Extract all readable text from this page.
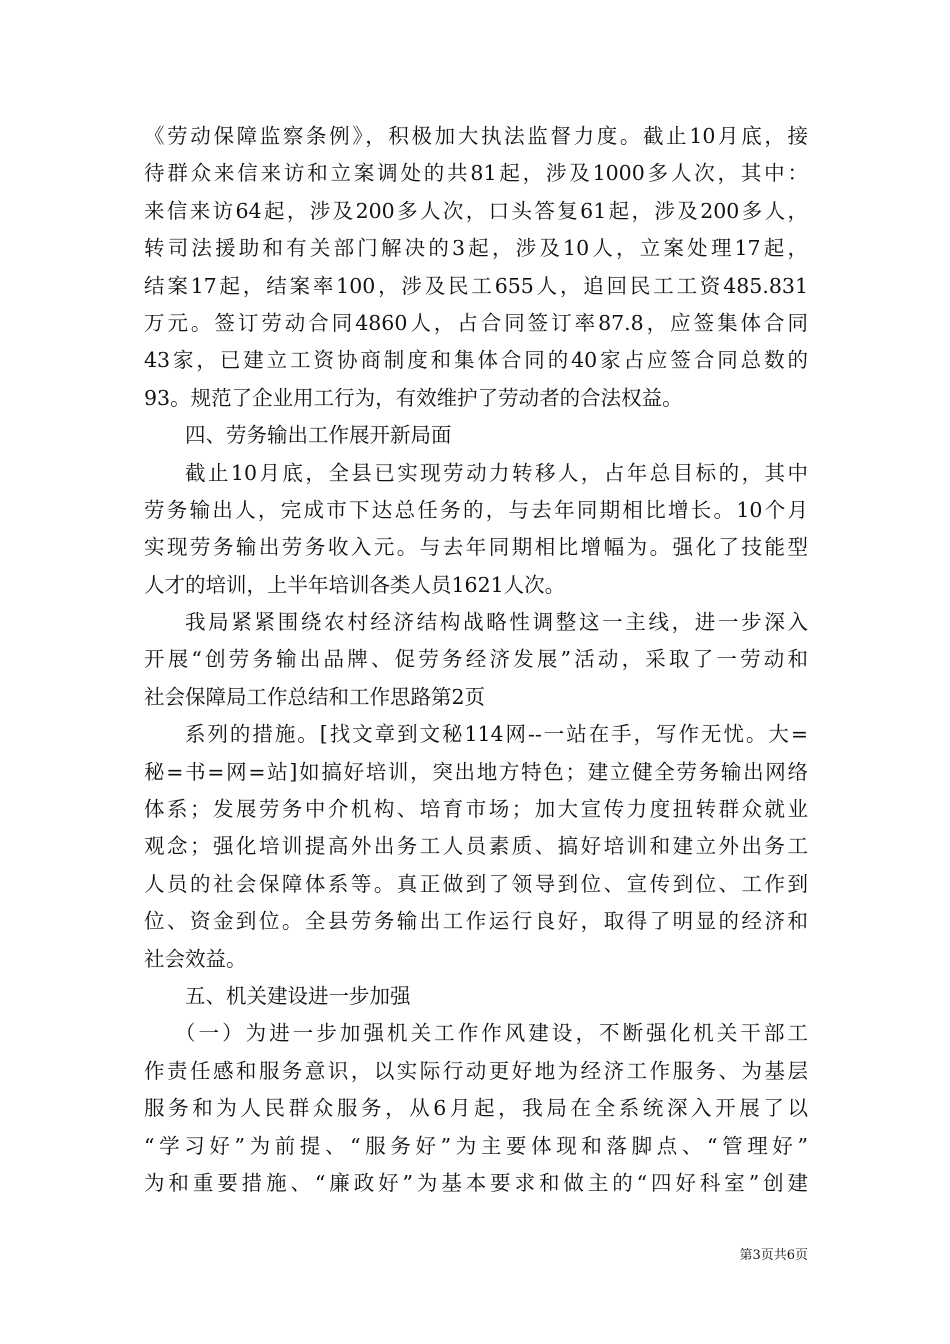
《劳动保障监察条例》，积极加大执法监督力度。截止10月底，接
待群众来信来访和立案调处的共81起，涉及1000多人次，其中：
来信来访64起，涉及200多人次，口头答复61起，涉及200多人，
转司法援助和有关部门解决的3起，涉及10人，立案处理17起，
结案17起，结案率100，涉及民工655人，追回民工工资485.831
万元。签订劳动合同4860人，占合同签订率87.8，应签集体合同
43家，已建立工资协商制度和集体合同的40家占应签合同总数的
93。规范了企业用工行为，有效维护了劳动者的合法权益。
四、劳务输出工作展开新局面
截止10月底，全县已实现劳动力转移人，占年总目标的，其中
劳务输出人，完成市下达总任务的，与去年同期相比增长。10个月
实现劳务输出劳务收入元。与去年同期相比增幅为。强化了技能型
人才的培训，上半年培训各类人员1621人次。
我局紧紧围绕农村经济结构战略性调整这一主线，进一步深入
开展“创劳务输出品牌、促劳务经济发展”活动，采取了一劳动和
社会保障局工作总结和工作思路第2页
系列的措施。[找文章到文秘114网--一站在手，写作无忧。大=
秘=书=网=站]如搞好培训，突出地方特色；建立健全劳务输出网络
体系；发展劳务中介机构、培育市场；加大宣传力度扭转群众就业
观念；强化培训提高外出务工人员素质、搞好培训和建立外出务工
人员的社会保障体系等。真正做到了领导到位、宣传到位、工作到
位、资金到位。全县劳务输出工作运行良好，取得了明显的经济和
社会效益。
五、机关建设进一步加强
（一）为进一步加强机关工作作风建设，不断强化机关干部工
作责任感和服务意识，以实际行动更好地为经济工作服务、为基层
服务和为人民群众服务，从6月起，我局在全系统深入开展了以
“学习好”为前提、“服务好”为主要体现和落脚点、“管理好”
为和重要措施、“廉政好”为基本要求和做主的“四好科室”创建
第3页共6页
